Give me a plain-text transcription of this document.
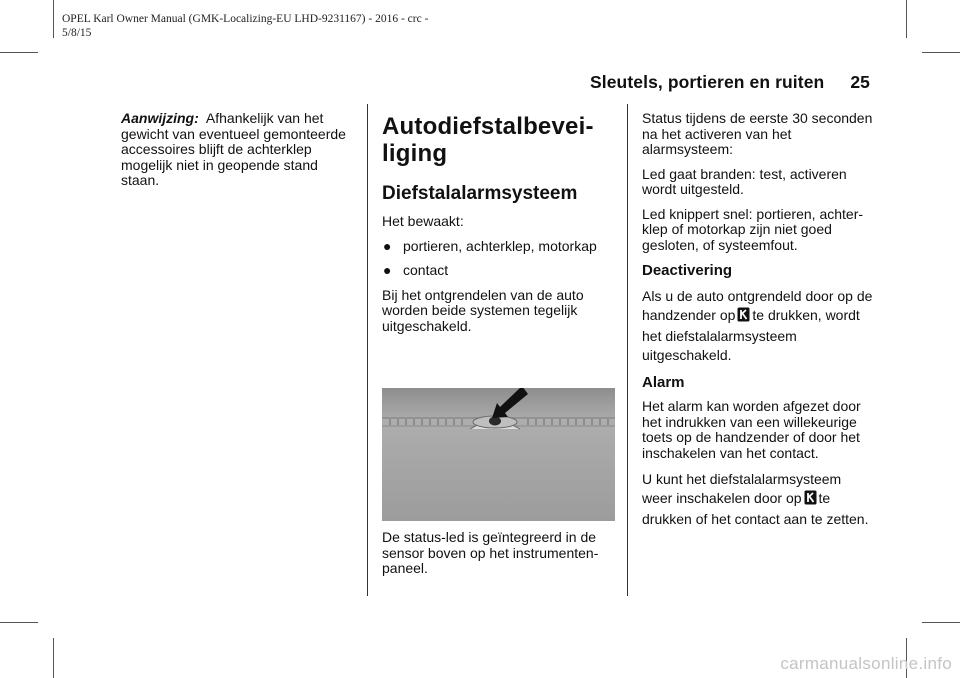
OPEL Karl Owner Manual (GMK-Localizing-EU LHD-9231167) - 2016 - crc -
5/8/15
Sleutels, portieren en ruiten 25

Aanwijzing: Afhankelijk van het gewicht van eventueel gemonteerde accessoires blijft de achterklep mogelijk niet in geopende stand staan.

Autodiefstalbevei-
liging
Diefstalalarmsysteem

Het bewaakt:

● portieren, achterklep, motorkap
● contact

Bij het ontgrendelen van de auto worden beide systemen tegelijk uitgeschakeld.

De status-led is geïntegreerd in de sensor boven op het instrumentenpaneel.

Status tijdens de eerste 30 seconden na het activeren van het alarmsysteem:

Led gaat branden: test, activeren wordt uitgesteld.

Led knippert snel: portieren, achterklep of motorkap zijn niet goed gesloten, of systeemfout.

Deactivering

Als u de auto ontgrendeld door op de handzender op te drukken, wordt het diefstalalarmsysteem uitgeschakeld.

Alarm

Het alarm kan worden afgezet door het indrukken van een willekeurige toets op de handzender of door het inschakelen van het contact.

U kunt het diefstalalarmsysteem weer inschakelen door op te drukken of het contact aan te zetten.

carmanualsonline.info
